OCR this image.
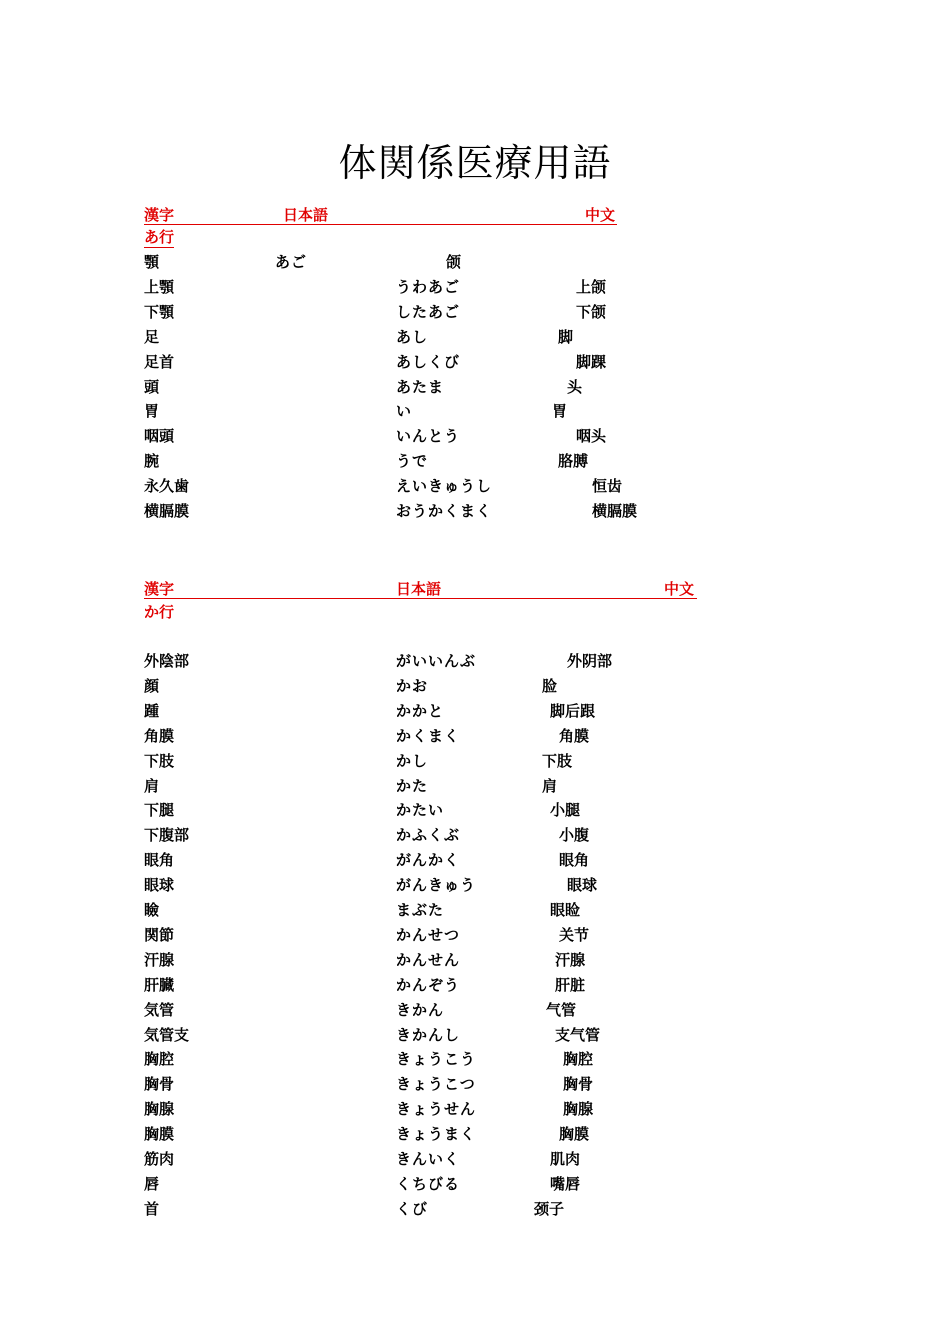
体関係医療用語
漢字	日本語	中文
あ行
顎	あご	颌
上顎	うわあご	上颌
下顎	したあご	下颌
足	あし	脚
足首	あしくび	脚踝
頭	あたま	头
胃	い	胃
咽頭	いんとう	咽头
腕	うで	胳膊
永久歯	えいきゅうし	恒齿
横膈膜	おうかくまく	横膈膜
漢字	日本語	中文
か行
外陰部	がいいんぶ	外阴部
顔	かお	脸
踵	かかと	脚后跟
角膜	かくまく	角膜
下肢	かし	下肢
肩	かた	肩
下腿	かたい	小腿
下腹部	かふくぶ	小腹
眼角	がんかく	眼角
眼球	がんきゅう	眼球
瞼	まぶた	眼睑
関節	かんせつ	关节
汗腺	かんせん	汗腺
肝臓	かんぞう	肝脏
気管	きかん	气管
気管支	きかんし	支气管
胸腔	きょうこう	胸腔
胸骨	きょうこつ	胸骨
胸腺	きょうせん	胸腺
胸膜	きょうまく	胸膜
筋肉	きんいく	肌肉
唇	くちびる	嘴唇
首	くび	颈子
